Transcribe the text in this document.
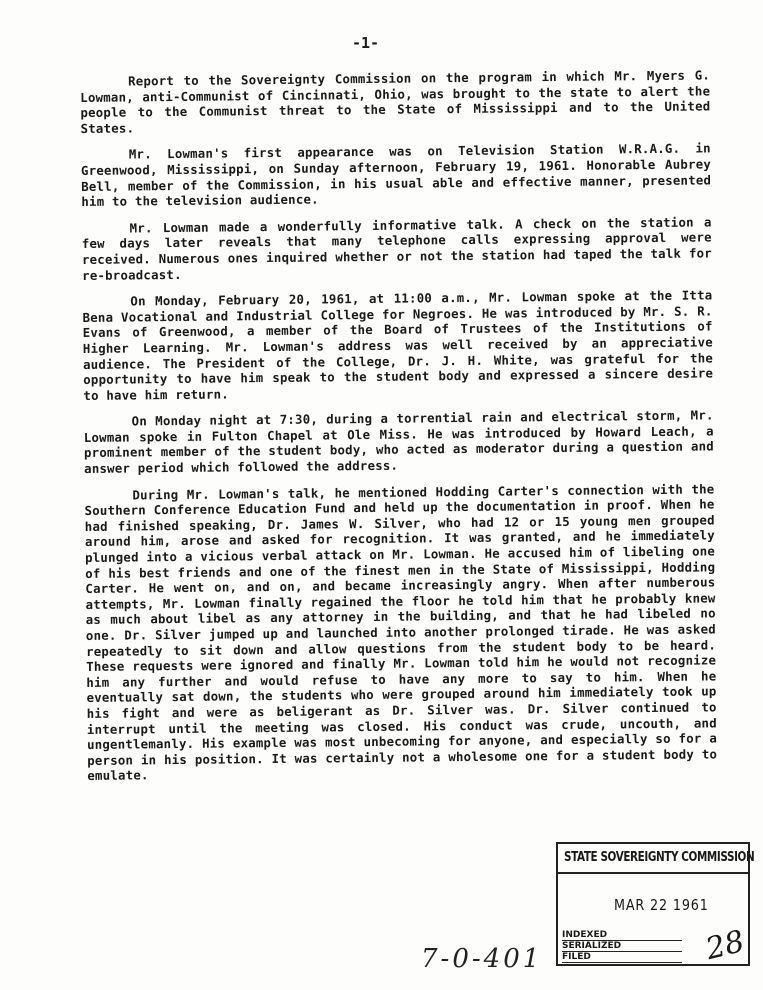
-1-

Report to the Sovereignty Commission on the program in which Mr. Myers G. Lowman, anti-Communist of Cincinnati, Ohio, was brought to the state to alert the people to the Communist threat to the State of Mississippi and to the United States.

Mr. Lowman's first appearance was on Television Station W.R.A.G. in Greenwood, Mississippi, on Sunday afternoon, February 19, 1961. Honorable Aubrey Bell, member of the Commission, in his usual able and effective manner, presented him to the television audience.

Mr. Lowman made a wonderfully informative talk. A check on the station a few days later reveals that many telephone calls expressing approval were received. Numerous ones inquired whether or not the station had taped the talk for re-broadcast.

On Monday, February 20, 1961, at 11:00 a.m., Mr. Lowman spoke at the Itta Bena Vocational and Industrial College for Negroes. He was introduced by Mr. S. R. Evans of Greenwood, a member of the Board of Trustees of the Institutions of Higher Learning. Mr. Lowman's address was well received by an appreciative audience. The President of the College, Dr. J. H. White, was grateful for the opportunity to have him speak to the student body and expressed a sincere desire to have him return.

On Monday night at 7:30, during a torrential rain and electrical storm, Mr. Lowman spoke in Fulton Chapel at Ole Miss. He was introduced by Howard Leach, a prominent member of the student body, who acted as moderator during a question and answer period which followed the address.

During Mr. Lowman's talk, he mentioned Hodding Carter's connection with the Southern Conference Education Fund and held up the documentation in proof. When he had finished speaking, Dr. James W. Silver, who had 12 or 15 young men grouped around him, arose and asked for recognition. It was granted, and he immediately plunged into a vicious verbal attack on Mr. Lowman. He accused him of libeling one of his best friends and one of the finest men in the State of Mississippi, Hodding Carter. He went on, and on, and became increasingly angry. When after numberous attempts, Mr. Lowman finally regained the floor he told him that he probably knew as much about libel as any attorney in the building, and that he had libeled no one. Dr. Silver jumped up and launched into another prolonged tirade. He was asked repeatedly to sit down and allow questions from the student body to be heard. These requests were ignored and finally Mr. Lowman told him he would not recognize him any further and would refuse to have any more to say to him. When he eventually sat down, the students who were grouped around him immediately took up his fight and were as beligerant as Dr. Silver was. Dr. Silver continued to interrupt until the meeting was closed. His conduct was crude, uncouth, and ungentlemanly. His example was most unbecoming for anyone, and especially so for a person in his position. It was certainly not a wholesome one for a student body to emulate.

STATE SOVEREIGNTY COMMISSION
MAR 22 1961
INDEXED
SERIALIZED
FILED	28
7-0-401
